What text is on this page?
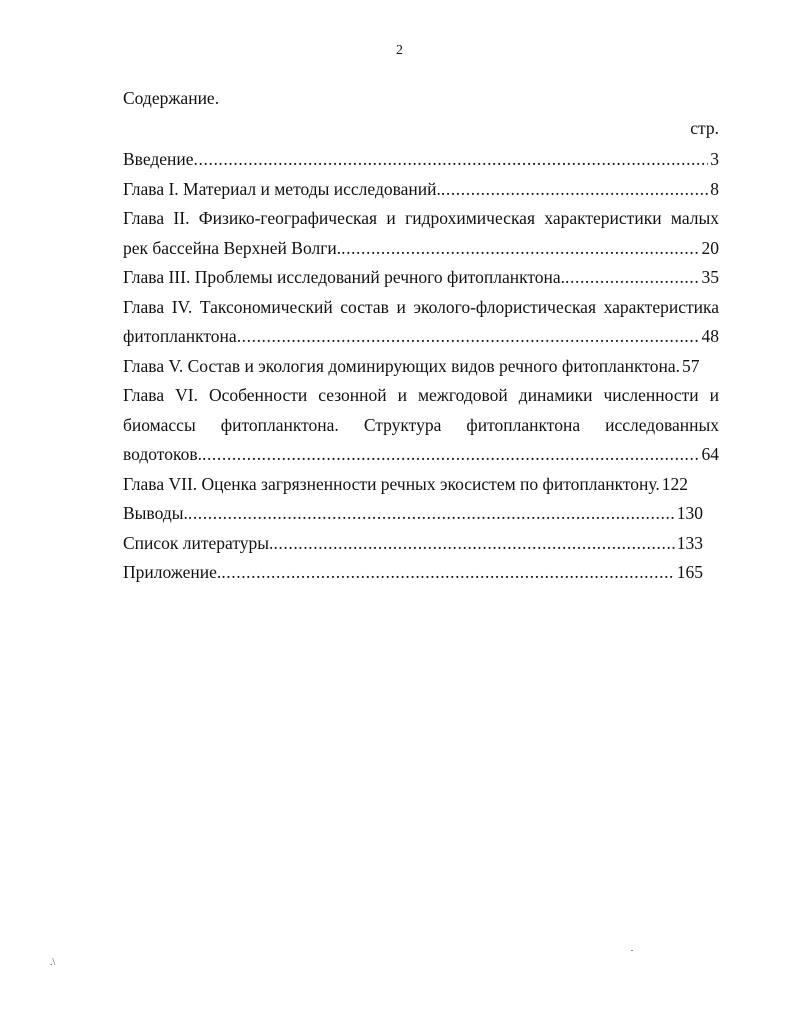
2
Содержание.
стр.
Введение .....	3
Глава I. Материал и методы исследований. .....	8
Глава II. Физико-географическая и гидрохимическая характеристики малых
рек бассейна Верхней Волги. .....	20
Глава III. Проблемы исследований речного фитопланктона. .....	35
Глава IV. Таксономический состав и эколого-флористическая характеристика
фитопланктона .....	48
Глава V. Состав и экология доминирующих видов речного фитопланктона. 57
Глава VI. Особенности сезонной и межгодовой динамики численности и
биомассы фитопланктона. Структура фитопланктона исследованных
водотоков. .....	64
Глава VII. Оценка загрязненности речных экосистем по фитопланктону. 122
Выводы. .....	130
Список литературы. .....	133
Приложение. .....	165
.\
